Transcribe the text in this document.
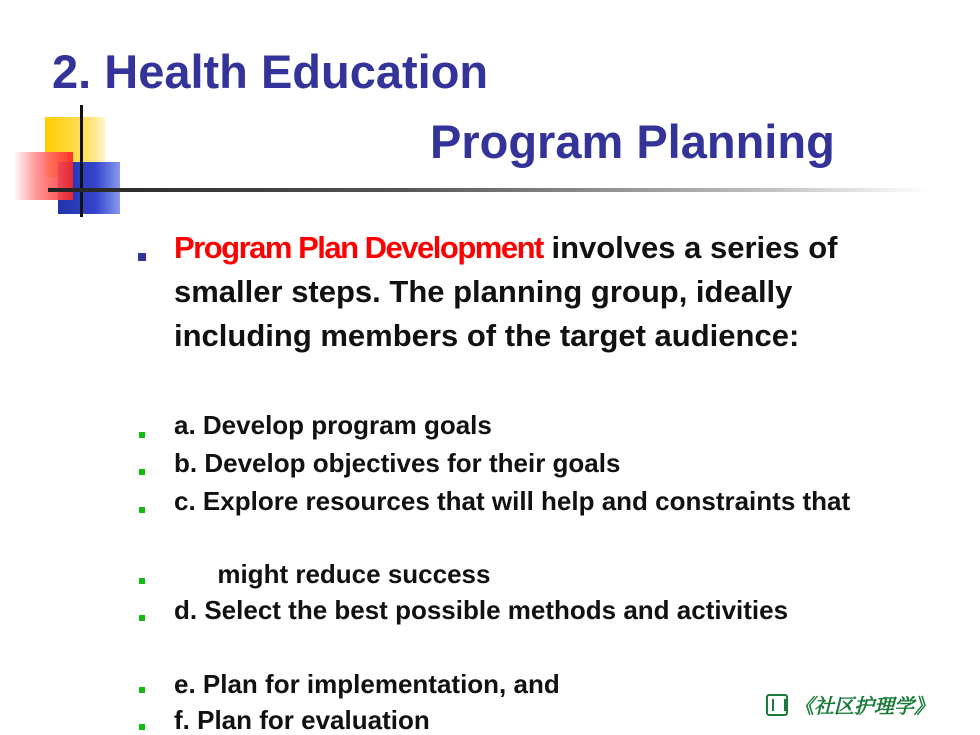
2. Health Education
Program Planning
Program Plan Development involves a series of smaller steps. The planning group, ideally including members of the target audience:
a. Develop program goals
b. Develop objectives for their goals
c. Explore resources that will help and constraints that
might reduce success
d. Select the best possible methods and activities
e. Plan for implementation, and
f. Plan for evaluation	《社区护理学》
